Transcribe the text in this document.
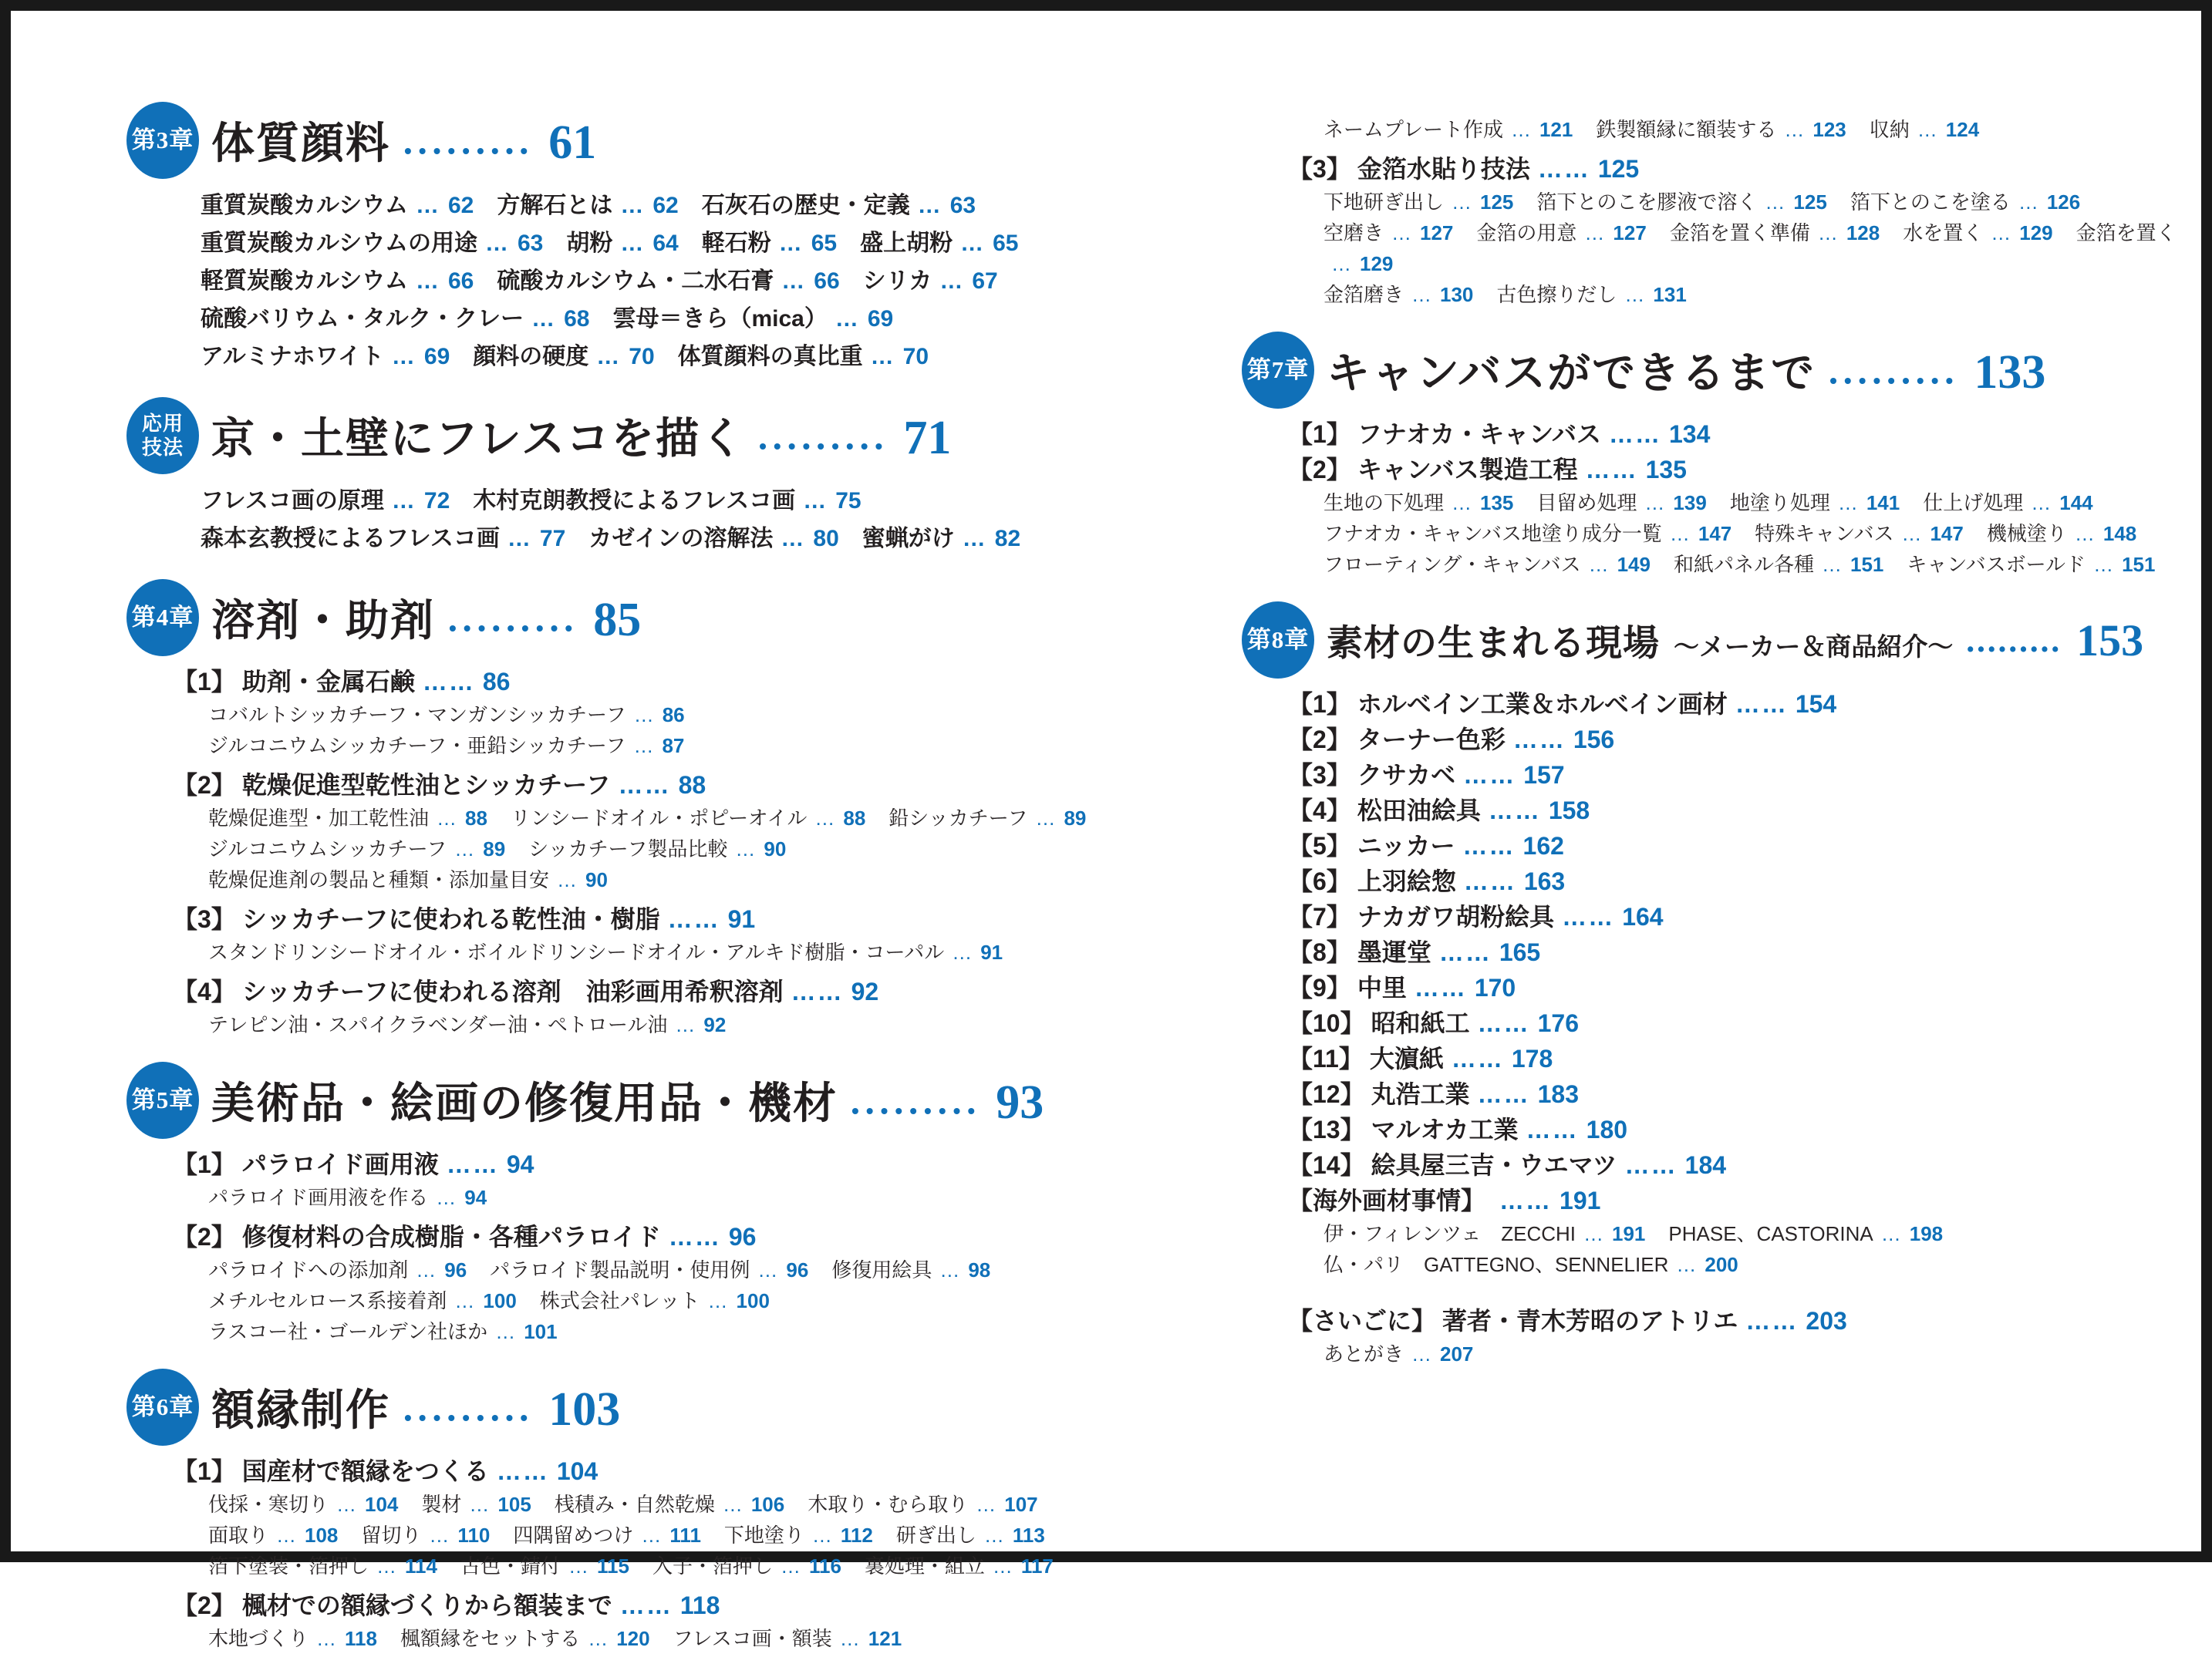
第3章 体質顔料 ••••••••• 61
重質炭酸カルシウム … 62 方解石とは … 62 石灰石の歴史・定義 … 63
重質炭酸カルシウムの用途 … 63 胡粉 … 64 軽石粉 … 65 盛上胡粉 … 65
軽質炭酸カルシウム … 66 硫酸カルシウム・二水石膏 … 66 シリカ … 67
硫酸バリウム・タルク・クレー … 68 雲母＝きら（mica） … 69
アルミナホワイト … 69 顔料の硬度 … 70 体質顔料の真比重 … 70
応用
技法 京・土壁にフレスコを描く ••••••••• 71
フレスコ画の原理 … 72 木村克朗教授によるフレスコ画 … 75
森本玄教授によるフレスコ画 … 77 カゼインの溶解法 … 80 蜜蝋がけ … 82
第4章 溶剤・助剤 ••••••••• 85
【1】 助剤・金属石鹸 …… 86
コバルトシッカチーフ・マンガンシッカチーフ … 86
ジルコニウムシッカチーフ・亜鉛シッカチーフ … 87
【2】 乾燥促進型乾性油とシッカチーフ …… 88
乾燥促進型・加工乾性油 … 88 リンシードオイル・ポピーオイル … 88 鉛シッカチーフ … 89
ジルコニウムシッカチーフ … 89 シッカチーフ製品比較 … 90
乾燥促進剤の製品と種類・添加量目安 … 90
【3】 シッカチーフに使われる乾性油・樹脂 …… 91
スタンドリンシードオイル・ボイルドリンシードオイル・アルキド樹脂・コーパル … 91
【4】 シッカチーフに使われる溶剤　油彩画用希釈溶剤 …… 92
テレピン油・スパイクラベンダー油・ペトロール油 … 92
第5章 美術品・絵画の修復用品・機材 ••••••••• 93
【1】 パラロイド画用液 …… 94
パラロイド画用液を作る … 94
【2】 修復材料の合成樹脂・各種パラロイド …… 96
パラロイドへの添加剤 … 96 パラロイド製品説明・使用例 … 96 修復用絵具 … 98
メチルセルロース系接着剤 … 100 株式会社パレット … 100
ラスコー社・ゴールデン社ほか … 101
第6章 額縁制作 ••••••••• 103
【1】 国産材で額縁をつくる …… 104
伐採・寒切り … 104 製材 … 105 桟積み・自然乾燥 … 106 木取り・むら取り … 107
面取り … 108 留切り … 110 四隅留めつけ … 111 下地塗り … 112 研ぎ出し … 113
箔下塗装・箔押し … 114 古色・錆付 … 115 入子・箔押し … 116 裏処理・組立 … 117
【2】 楓材での額縁づくりから額装まで …… 118
木地づくり … 118 楓額縁をセットする … 120 フレスコ画・額装 … 121
ネームプレート作成 … 121 鉄製額縁に額装する … 123 収納 … 124
【3】 金箔水貼り技法 …… 125
下地研ぎ出し … 125 箔下とのこを膠液で溶く … 125 箔下とのこを塗る … 126
空磨き … 127 金箔の用意 … 127 金箔を置く準備 … 128 水を置く … 129 金箔を置く
… 129
金箔磨き … 130 古色擦りだし … 131
第7章 キャンバスができるまで ••••••••• 133
【1】 フナオカ・キャンバス …… 134
【2】 キャンバス製造工程 …… 135
生地の下処理 … 135 目留め処理 … 139 地塗り処理 … 141 仕上げ処理 … 144
フナオカ・キャンバス地塗り成分一覧 … 147 特殊キャンバス … 147 機械塗り … 148
フローティング・キャンバス … 149 和紙パネル各種 … 151 キャンバスボールド … 151
第8章 素材の生まれる現場 ～メーカー＆商品紹介～ ••••••••• 153
【1】 ホルベイン工業＆ホルベイン画材 …… 154
【2】 ターナー色彩 …… 156
【3】 クサカベ …… 157
【4】 松田油絵具 …… 158
【5】 ニッカー …… 162
【6】 上羽絵惣 …… 163
【7】 ナカガワ胡粉絵具 …… 164
【8】 墨運堂 …… 165
【9】 中里 …… 170
【10】 昭和紙工 …… 176
【11】 大濵紙 …… 178
【12】 丸浩工業 …… 183
【13】 マルオカ工業 …… 180
【14】 絵具屋三吉・ウエマツ …… 184
【海外画材事情】 …… 191
伊・フィレンツェ　ZECCHI … 191 PHASE、CASTORINA … 198
仏・パリ　GATTEGNO、SENNELIER … 200
【さいごに】 著者・青木芳昭のアトリエ …… 203
あとがき … 207
